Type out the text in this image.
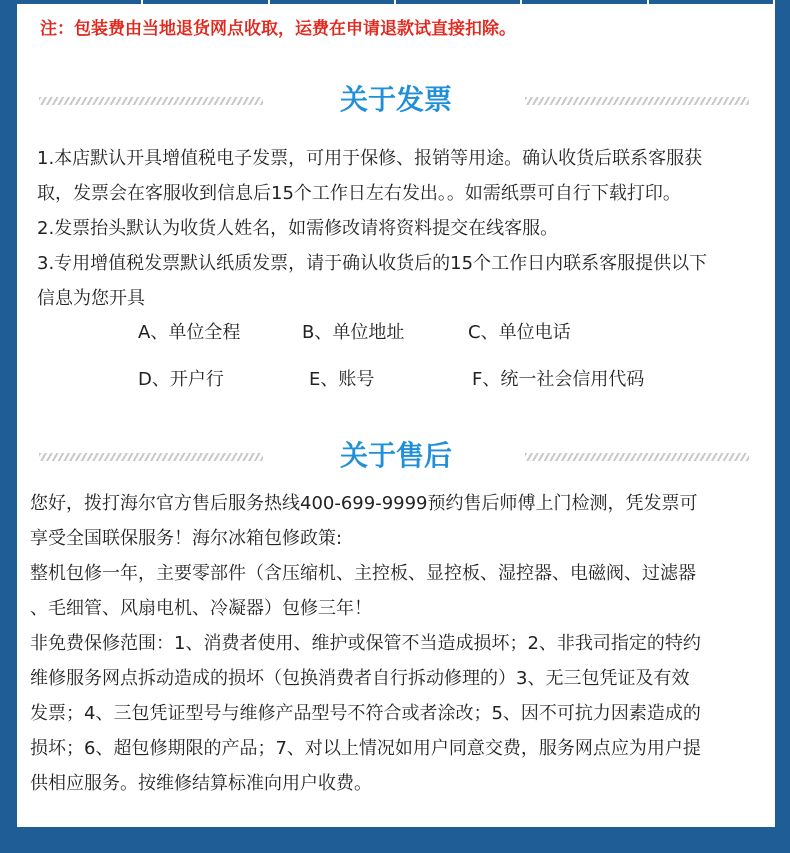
注：包装费由当地退货网点收取，运费在申请退款试直接扣除。
关于发票

1.本店默认开具增值税电子发票，可用于保修、报销等用途。确认收货后联系客服获

取，发票会在客服收到信息后15个工作日左右发出。。如需纸票可自行下载打印。

2.发票抬头默认为收货人姓名，如需修改请将资料提交在线客服。

3.专用增值税发票默认纸质发票，请于确认收货后的15个工作日内联系客服提供以下

信息为您开具

A、单位全程	B、单位地址	C、单位电话
D、开户行	E、账号	F、统一社会信用代码
关于售后

您好，拨打海尔官方售后服务热线400-699-9999预约售后师傅上门检测，凭发票可

享受全国联保服务！海尔冰箱包修政策:

整机包修一年，主要零部件（含压缩机、主控板、显控板、湿控器、电磁阀、过滤器

、毛细管、风扇电机、冷凝器）包修三年！

非免费保修范围：1、消费者使用、维护或保管不当造成损坏；2、非我司指定的特约

维修服务网点拆动造成的损坏（包换消费者自行拆动修理的）3、无三包凭证及有效

发票；4、三包凭证型号与维修产品型号不符合或者涂改；5、因不可抗力因素造成的

损坏；6、超包修期限的产品；7、对以上情况如用户同意交费，服务网点应为用户提

供相应服务。按维修结算标准向用户收费。
